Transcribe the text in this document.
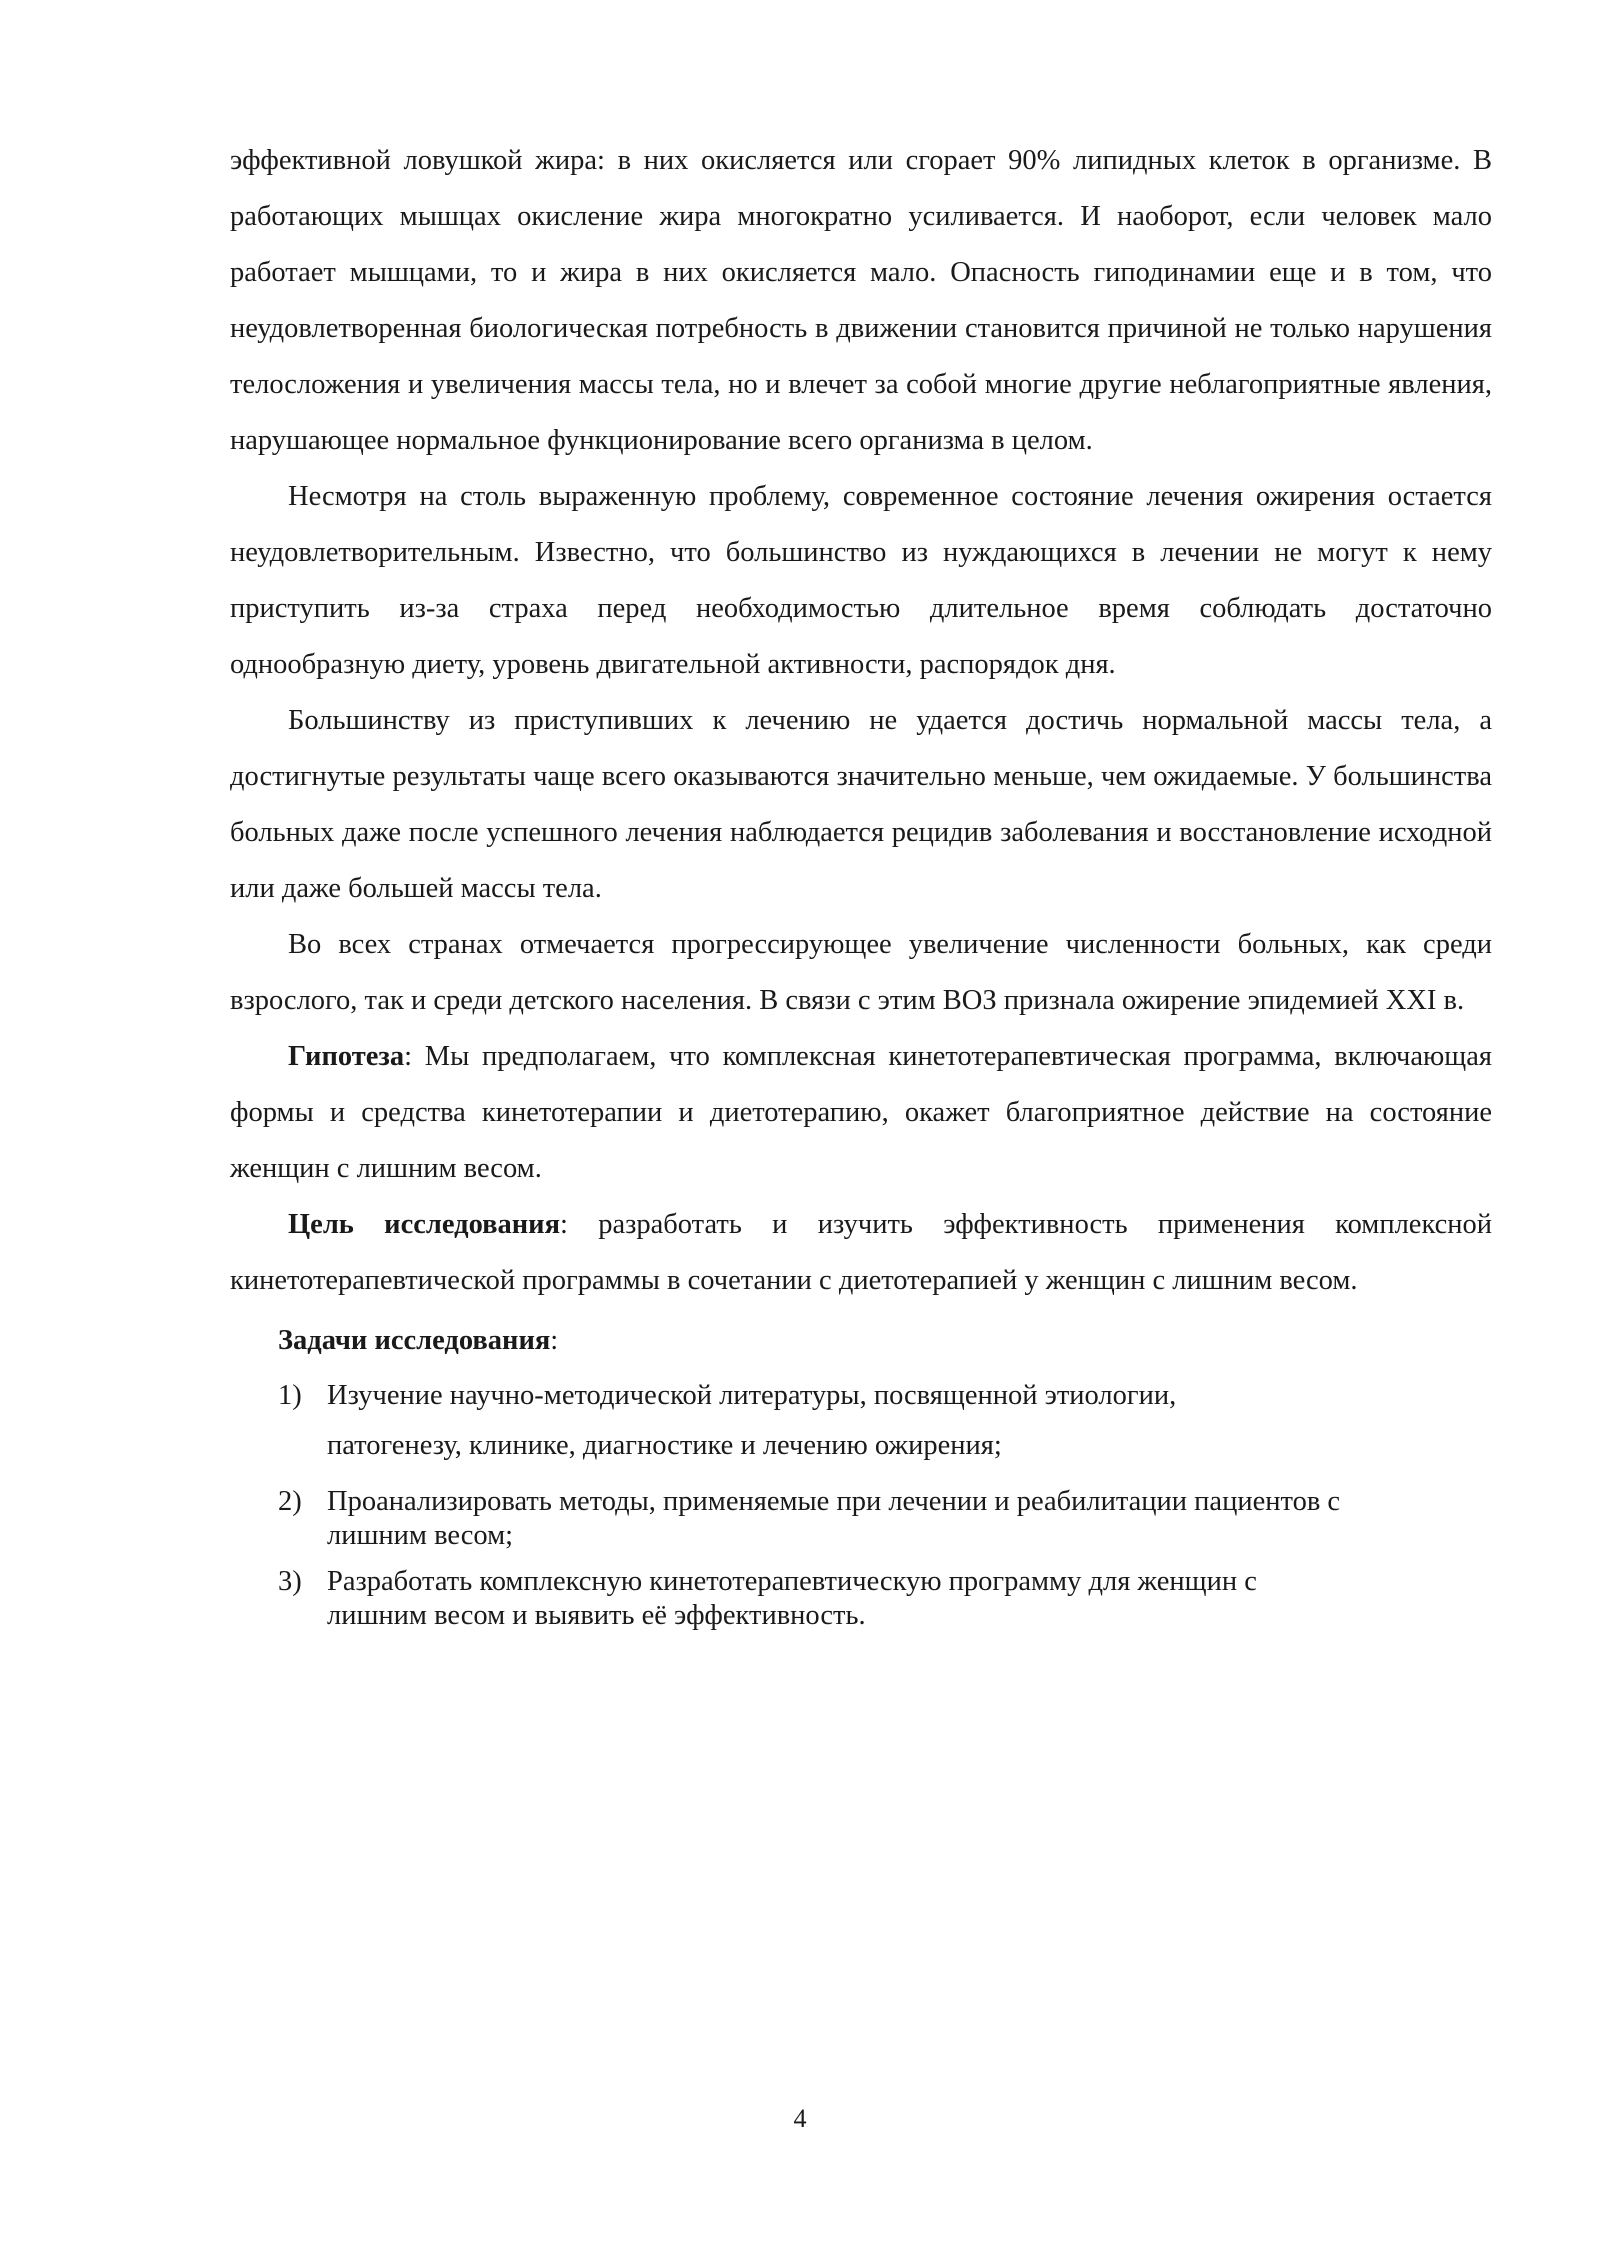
эффективной ловушкой жира: в них окисляется или сгорает 90% липидных клеток в организме. В работающих мышцах окисление жира многократно усиливается. И наоборот, если человек мало работает мышцами, то и жира в них окисляется мало. Опасность гиподинамии еще и в том, что неудовлетворенная биологическая потребность в движении становится причиной не только нарушения телосложения и увеличения массы тела, но и влечет за собой многие другие неблагоприятные явления, нарушающее нормальное функционирование всего организма в целом.

Несмотря на столь выраженную проблему, современное состояние лечения ожирения остается неудовлетворительным. Известно, что большинство из нуждающихся в лечении не могут к нему приступить из-за страха перед необходимостью длительное время соблюдать достаточно однообразную диету, уровень двигательной активности, распорядок дня.

Большинству из приступивших к лечению не удается достичь нормальной массы тела, а достигнутые результаты чаще всего оказываются значительно меньше, чем ожидаемые. У большинства больных даже после успешного лечения наблюдается рецидив заболевания и восстановление исходной или даже большей массы тела.

Во всех странах отмечается прогрессирующее увеличение численности больных, как среди взрослого, так и среди детского населения. В связи с этим ВОЗ признала ожирение эпидемией XXI в.

Гипотеза: Мы предполагаем, что комплексная кинетотерапевтическая программа, включающая формы и средства кинетотерапии и диетотерапию, окажет благоприятное действие на состояние женщин с лишним весом.

Цель исследования: разработать и изучить эффективность применения комплексной кинетотерапевтической программы в сочетании с диетотерапией у женщин с лишним весом.

Задачи исследования:

1) Изучение научно-методической литературы, посвященной этиологии,
патогенезу, клинике, диагностике и лечению ожирения;
2) Проанализировать методы, применяемые при лечении и реабилитации пациентов с
лишним весом;
3) Разработать комплексную кинетотерапевтическую программу для женщин с
лишним весом и выявить её эффективность.
4
